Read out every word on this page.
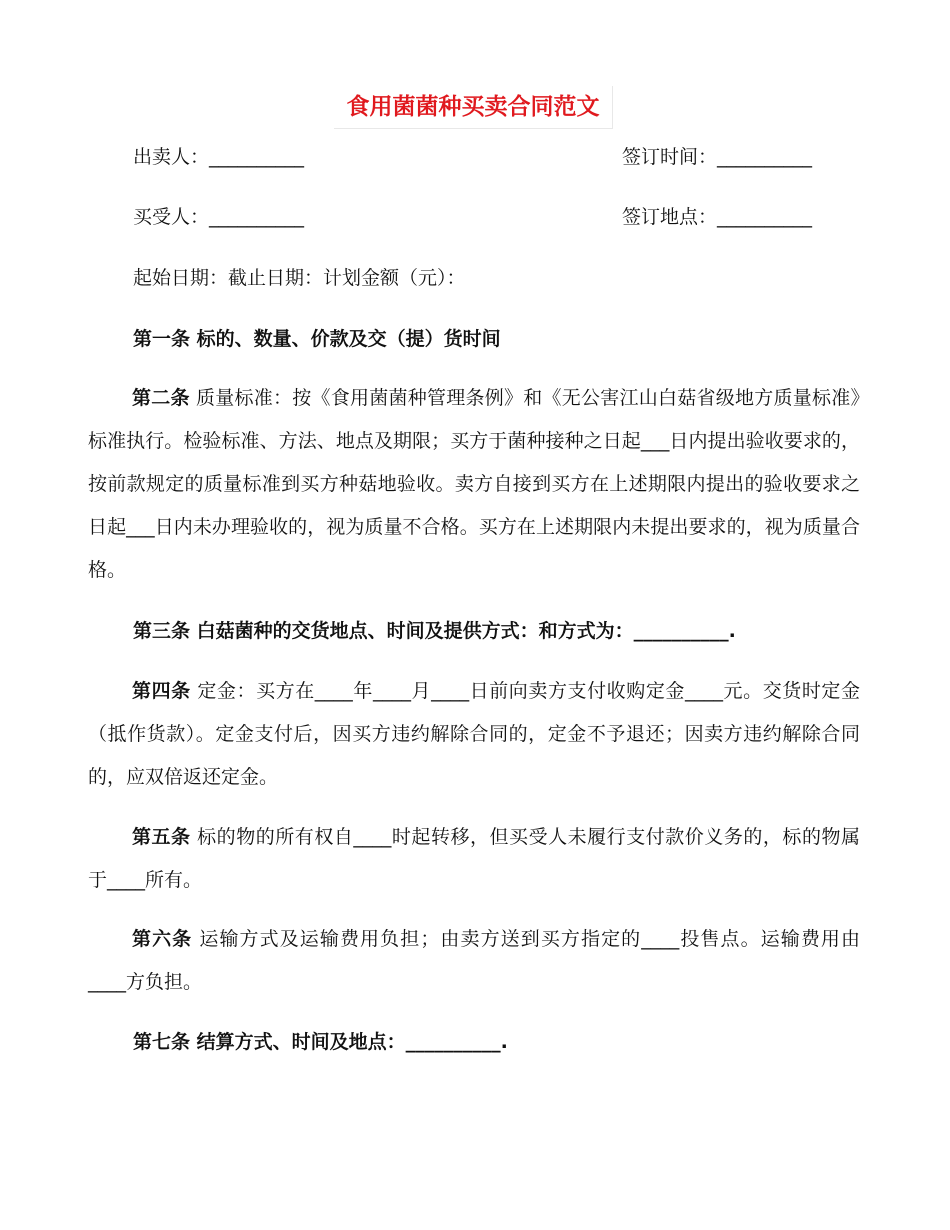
食用菌菌种买卖合同范文
出卖人：__________	签订时间：__________
买受人：__________	签订地点：__________
起始日期：截止日期：计划金额（元）：
第一条 标的、数量、价款及交（提）货时间
第二条 质量标准：按《食用菌菌种管理条例》和《无公害江山白菇省级地方质量标准》标准执行。检验标准、方法、地点及期限；买方于菌种接种之日起___日内提出验收要求的，按前款规定的质量标准到买方种菇地验收。卖方自接到买方在上述期限内提出的验收要求之日起___日内未办理验收的，视为质量不合格。买方在上述期限内未提出要求的，视为质量合格。
第三条 白菇菌种的交货地点、时间及提供方式：和方式为：__________.
第四条 定金：买方在____年____月____日前向卖方支付收购定金____元。交货时定金（抵作货款）。定金支付后，因买方违约解除合同的，定金不予退还；因卖方违约解除合同的，应双倍返还定金。
第五条 标的物的所有权自____时起转移，但买受人未履行支付款价义务的，标的物属于____所有。
第六条 运输方式及运输费用负担；由卖方送到买方指定的____投售点。运输费用由____方负担。
第七条 结算方式、时间及地点：__________.
